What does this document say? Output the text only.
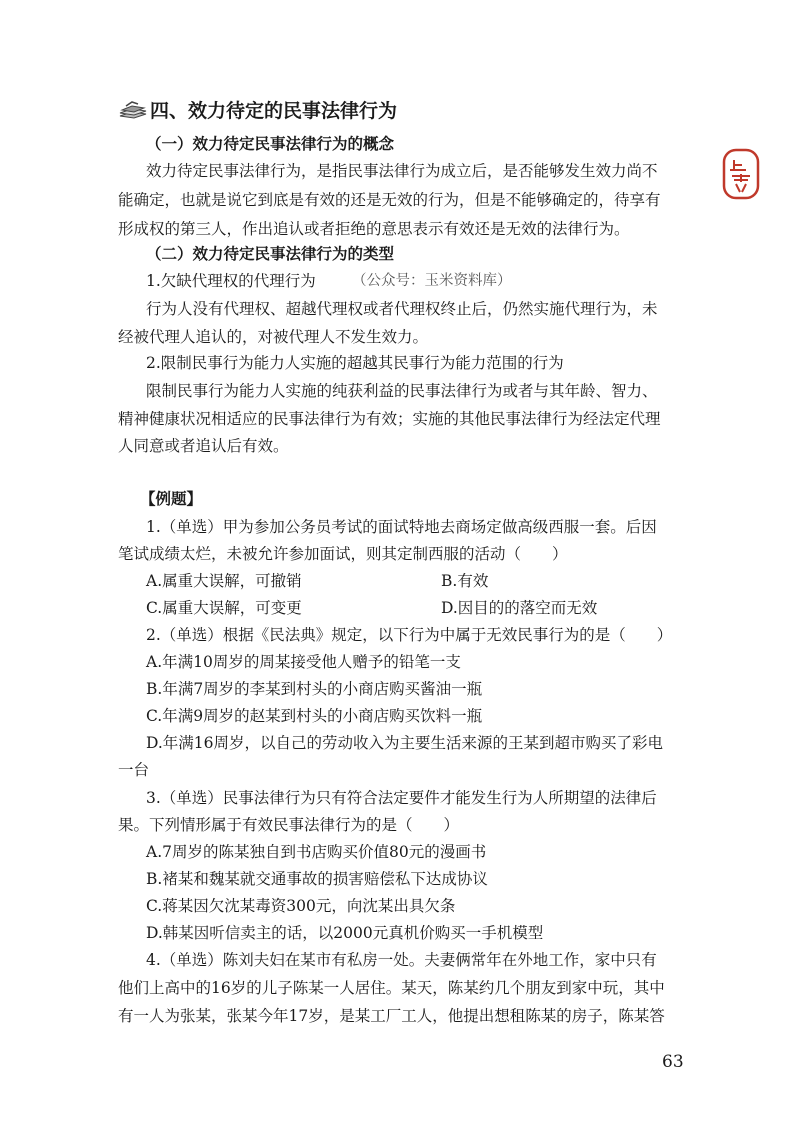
四、效力待定的民事法律行为
（一）效力待定民事法律行为的概念
效力待定民事法律行为，是指民事法律行为成立后，是否能够发生效力尚不
能确定，也就是说它到底是有效的还是无效的行为，但是不能够确定的，待享有
形成权的第三人，作出追认或者拒绝的意思表示有效还是无效的法律行为。
（二）效力待定民事法律行为的类型
1.欠缺代理权的代理行为 （公众号：玉米资料库）
行为人没有代理权、超越代理权或者代理权终止后，仍然实施代理行为，未
经被代理人追认的，对被代理人不发生效力。
2.限制民事行为能力人实施的超越其民事行为能力范围的行为
限制民事行为能力人实施的纯获利益的民事法律行为或者与其年龄、智力、
精神健康状况相适应的民事法律行为有效；实施的其他民事法律行为经法定代理
人同意或者追认后有效。
【例题】
1.（单选）甲为参加公务员考试的面试特地去商场定做高级西服一套。后因
笔试成绩太烂，未被允许参加面试，则其定制西服的活动（　　）
A.属重大误解，可撤销	B.有效
C.属重大误解，可变更	D.因目的的落空而无效
2.（单选）根据《民法典》规定，以下行为中属于无效民事行为的是（　　）
A.年满10周岁的周某接受他人赠予的铅笔一支
B.年满7周岁的李某到村头的小商店购买酱油一瓶
C.年满9周岁的赵某到村头的小商店购买饮料一瓶
D.年满16周岁，以自己的劳动收入为主要生活来源的王某到超市购买了彩电
一台
3.（单选）民事法律行为只有符合法定要件才能发生行为人所期望的法律后
果。下列情形属于有效民事法律行为的是（　　）
A.7周岁的陈某独自到书店购买价值80元的漫画书
B.褚某和魏某就交通事故的损害赔偿私下达成协议
C.蒋某因欠沈某毒资300元，向沈某出具欠条
D.韩某因听信卖主的话，以2000元真机价购买一手机模型
4.（单选）陈刘夫妇在某市有私房一处。夫妻俩常年在外地工作，家中只有
他们上高中的16岁的儿子陈某一人居住。某天，陈某约几个朋友到家中玩，其中
有一人为张某，张某今年17岁，是某工厂工人，他提出想租陈某的房子，陈某答
63
